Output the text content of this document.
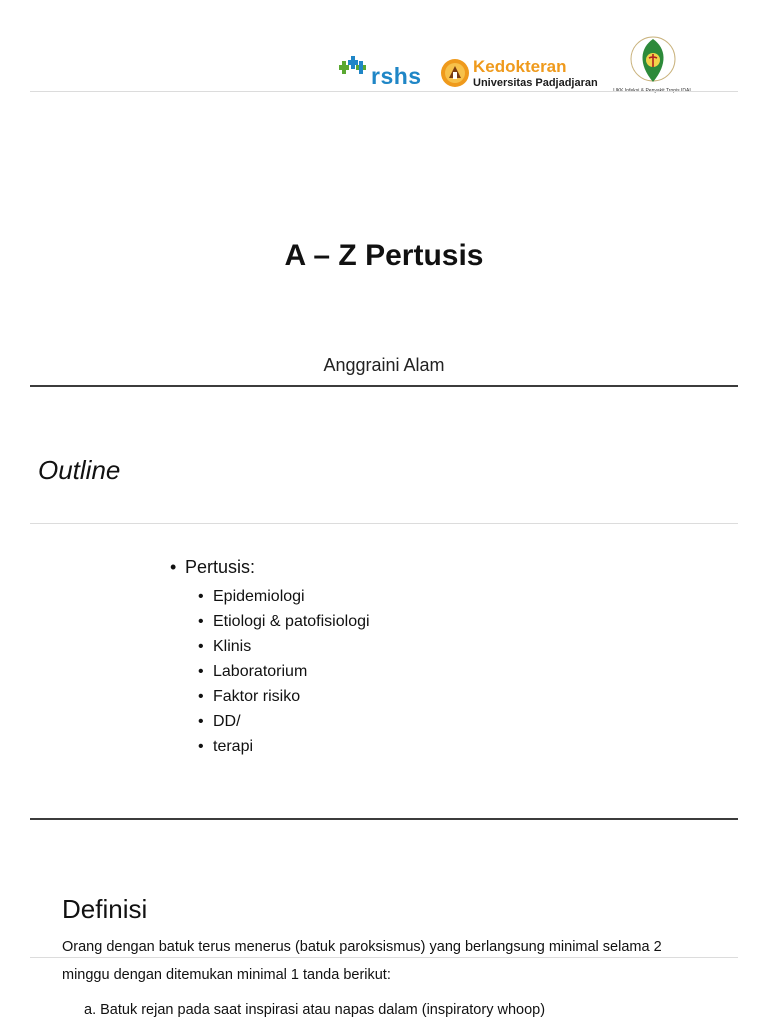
rshs	Kedokteran
Universitas Padjadjaran
A – Z Pertusis
Anggraini Alam
Outline
• Pertusis:
• Epidemiologi
• Etiologi & patofisiologi
• Klinis
• Laboratorium
• Faktor risiko
• DD/
• terapi
Definisi
Orang dengan batuk terus menerus (batuk paroksismus) yang berlangsung minimal selama 2
minggu dengan ditemukan minimal 1 tanda berikut:
a. Batuk rejan pada saat inspirasi atau napas dalam (inspiratory whoop)
